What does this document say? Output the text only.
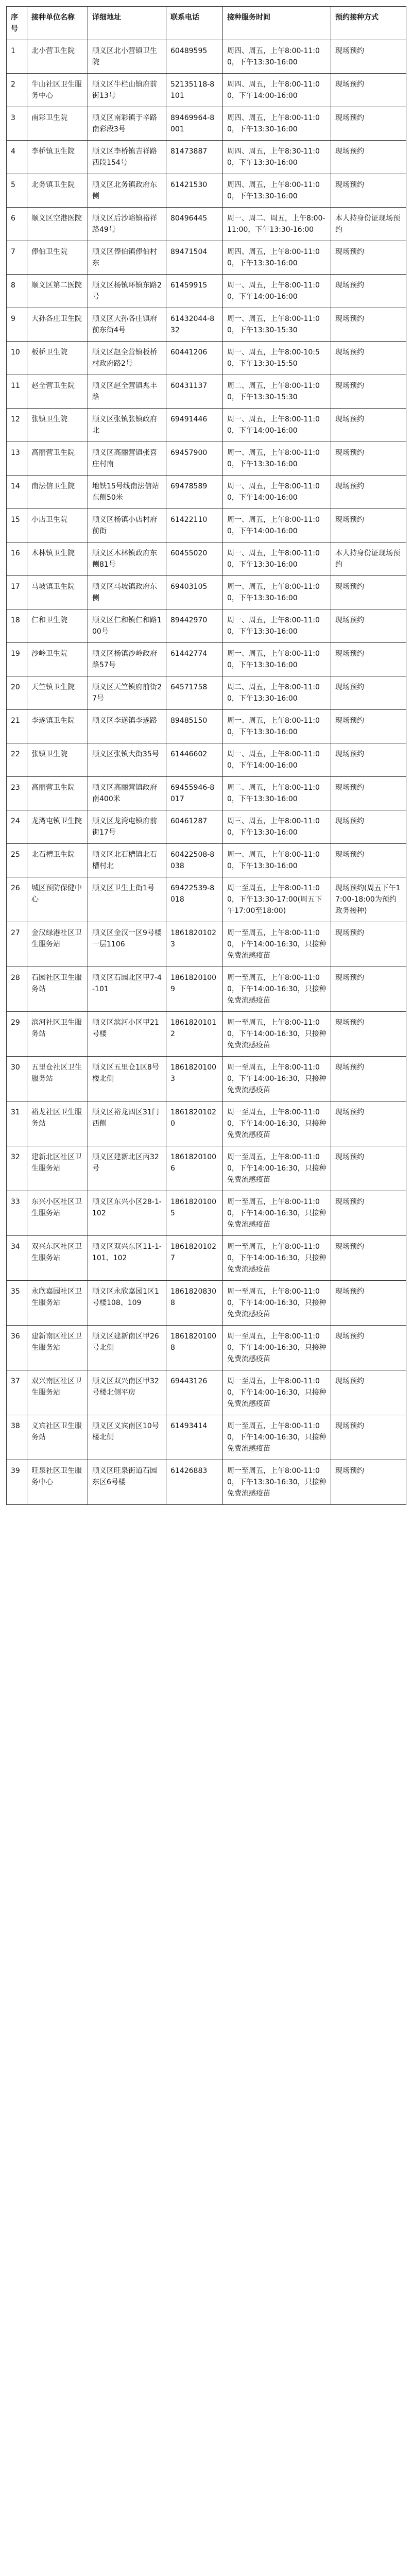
序号	接种单位名称	详细地址	联系电话	接种服务时间	预约接种方式
1	北小营卫生院	顺义区北小营镇卫生院	60489595	周四、周五，上午8:00-11:00，下午13:30-16:00	现场预约
2	牛山社区卫生服务中心	顺义区牛栏山镇府前街13号	52135118-8101	周四、周五，上午8:00-11:00，下午14:00-16:00	现场预约
3	南彩卫生院	顺义区南彩镇于辛路南彩段3号	89469964-8001	周四、周五，上午8:00-11:00，下午13:30-16:00	现场预约
4	李桥镇卫生院	顺义区李桥镇吉祥路西段154号	81473887	周四、周五，上午8:30-11:00，下午13:30-16:00	现场预约
5	北务镇卫生院	顺义区北务镇政府东侧	61421530	周四、周五，上午8:00-11:00，下午13:30-16:00	现场预约
6	顺义区空港医院	顺义区后沙峪镇裕祥路49号	80496445	周一、周二、周五，上午8:00-11:00，下午13:30-16:00	本人持身份证现场预约
7	俸伯卫生院	顺义区俸伯镇俸伯村东	89471504	周四、周五，上午8:00-11:00，下午13:30-16:00	现场预约
8	顺义区第二医院	顺义区杨镇环镇东路2号	61459915	周一、周五，上午8:00-11:00，下午14:00-16:00	现场预约
9	大孙各庄卫生院	顺义区大孙各庄镇府前东街4号	61432044-832	周一、周五，上午8:00-11:00，下午13:30-15:30	现场预约
10	板桥卫生院	顺义区赵全营镇板桥村政府路2号	60441206	周一、周五，上午8:00-10:50，下午13:30-15:50	现场预约
11	赵全营卫生院	顺义区赵全营镇兆丰路	60431137	周二、周五，上午8:00-11:00，下午13:30-15:30	现场预约
12	张镇卫生院	顺义区张镇张镇政府北	69491446	周一、周五，上午8:00-11:00，下午14:00-16:00	现场预约
13	高丽营卫生院	顺义区高丽营镇张喜庄村南	69457900	周一、周五，上午8:00-11:00，下午13:30-16:00	现场预约
14	南法信卫生院	地铁15号线南法信站东侧50米	69478589	周一、周五，上午8:00-11:00，下午14:00-16:00	现场预约
15	小店卫生院	顺义区杨镇小店村府前街	61422110	周一、周五，上午8:00-11:00，下午14:00-16:00	现场预约
16	木林镇卫生院	顺义区木林镇政府东侧81号	60455020	周一、周五，上午8:00-11:00，下午13:30-16:00	本人持身份证现场预约
17	马坡镇卫生院	顺义区马坡镇政府东侧	69403105	周一、周五，上午8:00-11:00，下午13:30-16:00	现场预约
18	仁和卫生院	顺义区仁和镇仁和路100号	89442970	周一、周五，上午8:00-11:00，下午13:30-16:00	现场预约
19	沙岭卫生院	顺义区杨镇沙岭政府路57号	61442774	周一、周五，上午8:00-11:00，下午13:30-16:00	现场预约
20	天竺镇卫生院	顺义区天竺镇府前街27号	64571758	周二、周五，上午8:00-11:00，下午13:30-16:00	现场预约
21	李遂镇卫生院	顺义区李遂镇李遂路	89485150	周一、周五，上午8:00-11:00，下午13:30-16:00	现场预约
22	张镇卫生院	顺义区张镇大街35号	61446602	周一、周五，上午8:00-11:00，下午14:00-16:00	现场预约
23	高丽营卫生院	顺义区高丽营镇政府南400米	69455946-8017	周二、周五，上午8:00-11:00，下午13:30-16:00	现场预约
24	龙湾屯镇卫生院	顺义区龙湾屯镇府前街17号	60461287	周三、周五，上午8:00-11:00，下午13:30-16:00	现场预约
25	北石槽卫生院	顺义区北石槽镇北石槽村北	60422508-8038	周一、周五，上午8:00-11:00，下午13:30-16:00	现场预约
26	城区预防保健中心	顺义区卫生上街1号	69422539-8018	周一至周五，上午8:00-11:00，下午13:30-17:00(周五下午17:00至18:00)	现场预约(周五下午17:00-18:00为预约政务接种)
27	金汉绿港社区卫生服务站	顺义区金汉一区9号楼一层1106	18618201023	周一至周五，上午8:00-11:00，下午14:00-16:30，只接种免费流感疫苗	现场预约
28	石园社区卫生服务站	顺义区石园北区甲7-4-101	18618201009	周一至周五，上午8:00-11:00，下午14:00-16:30，只接种免费流感疫苗	现场预约
29	滨河社区卫生服务站	顺义区滨河小区甲21号楼	18618201012	周一至周五，上午8:00-11:00，下午14:00-16:30，只接种免费流感疫苗	现场预约
30	五里仓社区卫生服务站	顺义区五里仓1区8号楼北侧	18618201003	周一至周五，上午8:00-11:00，下午14:00-16:30，只接种免费流感疫苗	现场预约
31	裕龙社区卫生服务站	顺义区裕龙四区31门西侧	18618201020	周一至周五，上午8:00-11:00，下午14:00-16:30，只接种免费流感疫苗	现场预约
32	建新北区社区卫生服务站	顺义区建新北区丙32号	18618201006	周一至周五，上午8:00-11:00，下午14:00-16:30，只接种免费流感疫苗	现场预约
33	东兴小区社区卫生服务站	顺义区东兴小区28-1-102	18618201005	周一至周五，上午8:00-11:00，下午14:00-16:30，只接种免费流感疫苗	现场预约
34	双兴东区社区卫生服务站	顺义区双兴东区11-1-101、102	18618201027	周一至周五，上午8:00-11:00，下午14:00-16:30，只接种免费流感疫苗	现场预约
35	永欣嘉园社区卫生服务站	顺义区永欣嘉园1区1号楼108、109	18618208308	周一至周五，上午8:00-11:00，下午14:00-16:30，只接种免费流感疫苗	现场预约
36	建新南区社区卫生服务站	顺义区建新南区甲26号北侧	18618201008	周一至周五，上午8:00-11:00，下午14:00-16:30，只接种免费流感疫苗	现场预约
37	双兴南区社区卫生服务站	顺义区双兴南区甲32号楼北侧平房	69443126	周一至周五，上午8:00-11:00，下午14:00-16:30，只接种免费流感疫苗	现场预约
38	义宾社区卫生服务站	顺义区义宾南区10号楼北侧	61493414	周一至周五，上午8:00-11:00，下午14:00-16:30，只接种免费流感疫苗	现场预约
39	旺泉社区卫生服务中心	顺义区旺泉街道石园东区6号楼	61426883	周一至周五，上午8:00-11:00，下午13:30-16:30，只接种免费流感疫苗	现场预约
